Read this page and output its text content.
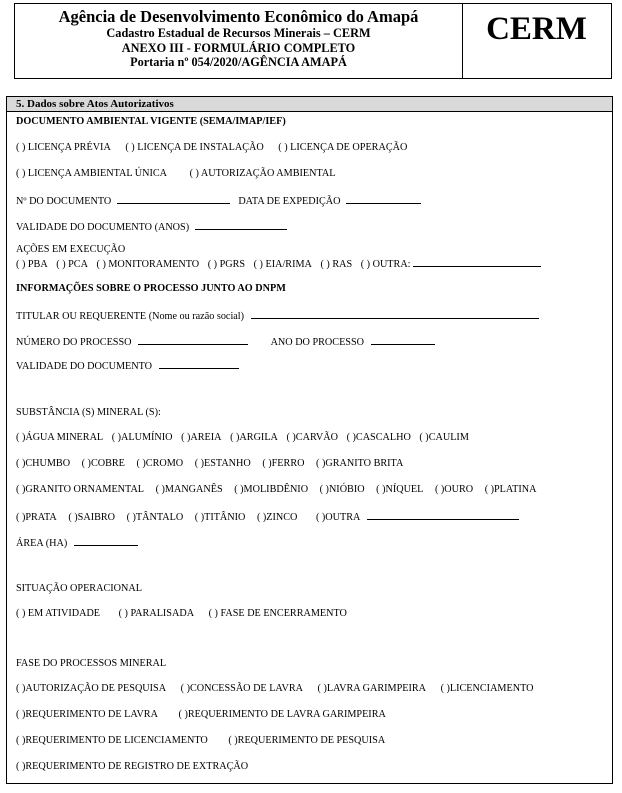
Agência de Desenvolvimento Econômico do Amapá
Cadastro Estadual de Recursos Minerais – CERM
ANEXO III - FORMULÁRIO COMPLETO
Portaria nº 054/2020/AGÊNCIA AMAPÁ
CERM
5. Dados sobre Atos Autorizativos
DOCUMENTO AMBIENTAL VIGENTE (SEMA/IMAP/IEF)
( ) LICENÇA PRÉVIA ( ) LICENÇA DE INSTALAÇÃO ( ) LICENÇA DE OPERAÇÃO
( ) LICENÇA AMBIENTAL ÚNICA ( ) AUTORIZAÇÃO AMBIENTAL
Nº DO DOCUMENTO	DATA DE EXPEDIÇÃO
VALIDADE DO DOCUMENTO (ANOS)
AÇÕES EM EXECUÇÃO
( ) PBA ( ) PCA ( ) MONITORAMENTO ( ) PGRS ( ) EIA/RIMA ( ) RAS ( ) OUTRA:
INFORMAÇÕES SOBRE O PROCESSO JUNTO AO DNPM
TITULAR OU REQUERENTE (Nome ou razão social)
NÚMERO DO PROCESSO	ANO DO PROCESSO
VALIDADE DO DOCUMENTO
SUBSTÂNCIA (S) MINERAL (S):
( )ÁGUA MINERAL ( )ALUMÍNIO ( )AREIA ( )ARGILA ( )CARVÃO ( )CASCALHO ( )CAULIM
( )CHUMBO ( )COBRE ( )CROMO ( )ESTANHO ( )FERRO ( )GRANITO BRITA
( )GRANITO ORNAMENTAL ( )MANGANÊS ( )MOLIBDÊNIO ( )NIÓBIO ( )NÍQUEL ( )OURO ( )PLATINA
( )PRATA ( )SAIBRO ( )TÂNTALO ( )TITÂNIO ( )ZINCO ( )OUTRA
ÁREA (HA)
SITUAÇÃO OPERACIONAL
( ) EM ATIVIDADE ( ) PARALISADA ( ) FASE DE ENCERRAMENTO
FASE DO PROCESSOS MINERAL
( )AUTORIZAÇÃO DE PESQUISA ( )CONCESSÃO DE LAVRA ( )LAVRA GARIMPEIRA ( )LICENCIAMENTO
( )REQUERIMENTO DE LAVRA ( )REQUERIMENTO DE LAVRA GARIMPEIRA
( )REQUERIMENTO DE LICENCIAMENTO ( )REQUERIMENTO DE PESQUISA
( )REQUERIMENTO DE REGISTRO DE EXTRAÇÃO
